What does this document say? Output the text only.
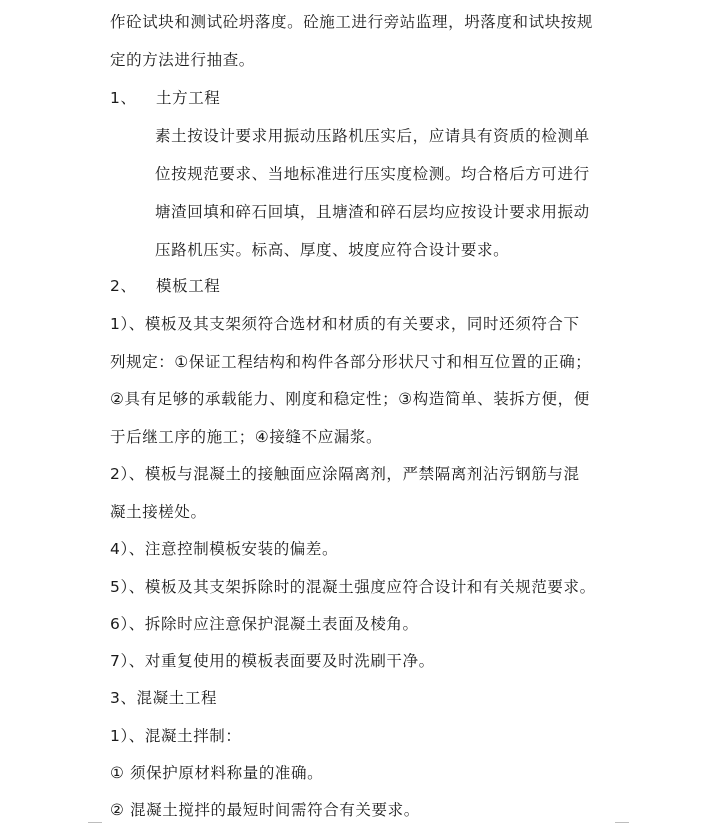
作砼试块和测试砼坍落度。砼施工进行旁站监理，坍落度和试块按规
定的方法进行抽查。
1、 土方工程
素土按设计要求用振动压路机压实后，应请具有资质的检测单
位按规范要求、当地标准进行压实度检测。均合格后方可进行
塘渣回填和碎石回填，且塘渣和碎石层均应按设计要求用振动
压路机压实。标高、厚度、坡度应符合设计要求。
2、 模板工程
1）、模板及其支架须符合选材和材质的有关要求，同时还须符合下
列规定：①保证工程结构和构件各部分形状尺寸和相互位置的正确；
②具有足够的承载能力、刚度和稳定性；③构造简单、装拆方便，便
于后继工序的施工；④接缝不应漏浆。
2）、模板与混凝土的接触面应涂隔离剂，严禁隔离剂沾污钢筋与混
凝土接槎处。
4）、注意控制模板安装的偏差。
5）、模板及其支架拆除时的混凝土强度应符合设计和有关规范要求。
6）、拆除时应注意保护混凝土表面及棱角。
7）、对重复使用的模板表面要及时洗刷干净。
3、混凝土工程
1）、混凝土拌制：
① 须保护原材料称量的准确。
② 混凝土搅拌的最短时间需符合有关要求。
